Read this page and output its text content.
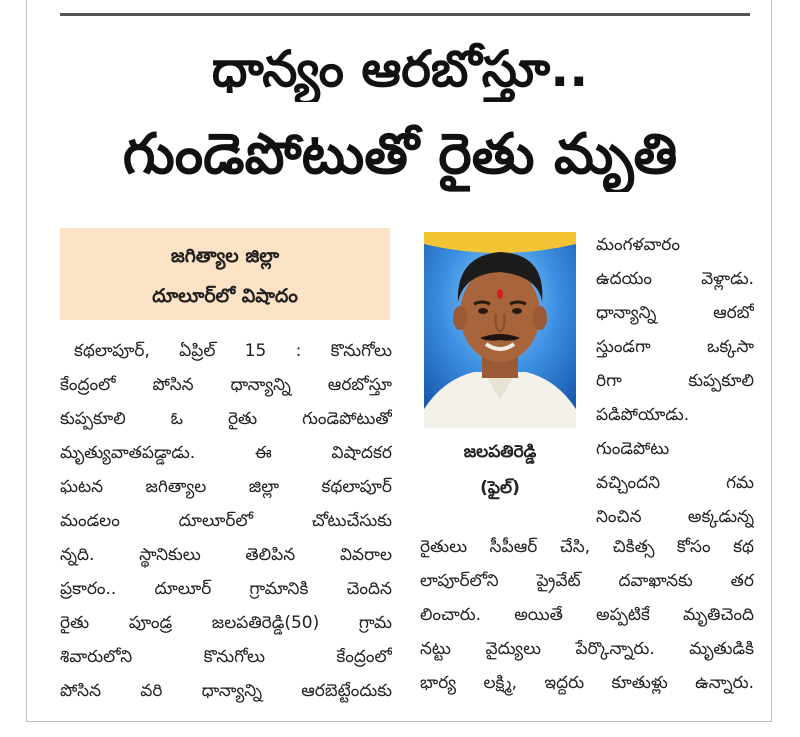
ధాన్యం ఆరబోస్తూ..
గుండెపోటుతో రైతు మృతి
జగిత్యాల జిల్లా
దూలూర్‌లో విషాదం
కథలాపూర్, ఏప్రిల్ 15 : కొనుగోలు
కేంద్రంలో పోసిన ధాన్యాన్ని ఆరబోస్తూ
కుప్పకూలి ఓ రైతు గుండెపోటుతో
మృత్యువాతపడ్డాడు. ఈ విషాదకర
ఘటన జగిత్యాల జిల్లా కథలాపూర్
మండలం దూలూర్‌లో చోటుచేసుకు
న్నది. స్థానికులు తెలిపిన వివరాల
ప్రకారం.. దూలూర్ గ్రామానికి చెందిన
రైతు పూండ్ర జలపతిరెడ్డి(50) గ్రామ
శివారులోని కొనుగోలు కేంద్రంలో
పోసిన వరి ధాన్యాన్ని ఆరబెట్టేందుకు
జలపతిరెడ్డి
(ఫైల్)
మంగళవారం
ఉదయం వెళ్లాడు.
ధాన్యాన్ని ఆరబో
స్తుండగా ఒక్కసా
రిగా కుప్పకూలి
పడిపోయాడు.
గుండెపోటు
వచ్చిందని గమ
నించిన అక్కడున్న
రైతులు సీపీఆర్ చేసి, చికిత్స కోసం కథ
లాపూర్‌లోని ప్రైవేట్ దవాఖానకు తర
లించారు. అయితే అప్పటికే మృతిచెంది
నట్టు వైద్యులు పేర్కొన్నారు. మృతుడికి
భార్య లక్ష్మి, ఇద్దరు కూతుళ్లు ఉన్నారు.
